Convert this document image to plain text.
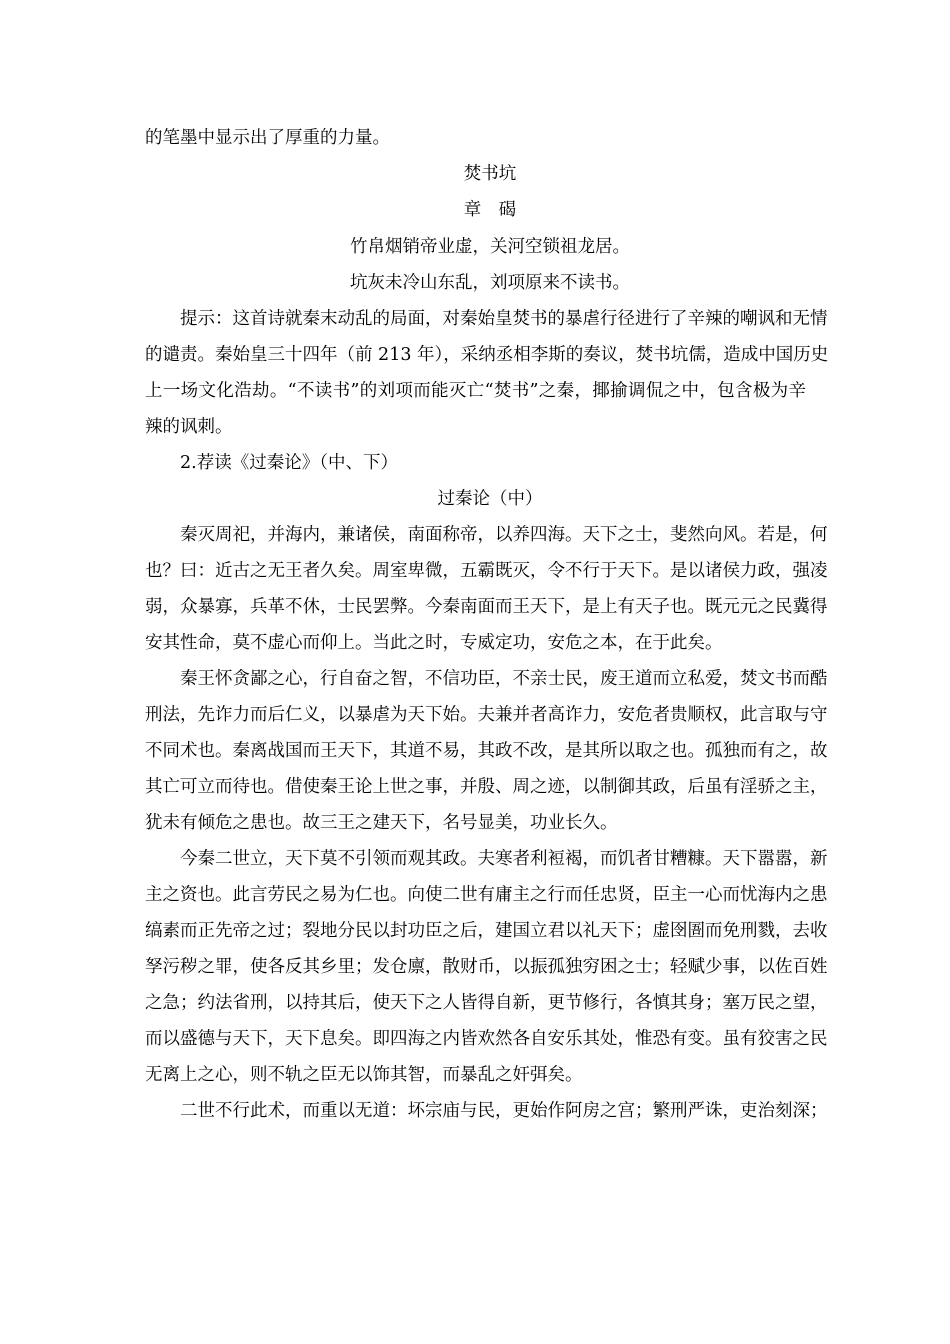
的笔墨中显示出了厚重的力量。
焚书坑
章　碣
竹帛烟销帝业虚，关河空锁祖龙居。
坑灰未冷山东乱，刘项原来不读书。
提示：这首诗就秦末动乱的局面，对秦始皇焚书的暴虐行径进行了辛辣的嘲讽和无情
的谴责。秦始皇三十四年（前 213 年），采纳丞相李斯的奏议，焚书坑儒，造成中国历史
上一场文化浩劫。“不读书”的刘项而能灭亡“焚书”之秦，揶揄调侃之中，包含极为辛
辣的讽刺。
2.荐读《过秦论》（中、下）
过秦论（中）
秦灭周祀，并海内，兼诸侯，南面称帝，以养四海。天下之士，斐然向风。若是，何
也？曰：近古之无王者久矣。周室卑微，五霸既灭，令不行于天下。是以诸侯力政，强凌
弱，众暴寡，兵革不休，士民罢弊。今秦南面而王天下，是上有天子也。既元元之民冀得
安其性命，莫不虚心而仰上。当此之时，专威定功，安危之本，在于此矣。
秦王怀贪鄙之心，行自奋之智，不信功臣，不亲士民，废王道而立私爱，焚文书而酷
刑法，先诈力而后仁义，以暴虐为天下始。夫兼并者高诈力，安危者贵顺权，此言取与守
不同术也。秦离战国而王天下，其道不易，其政不改，是其所以取之也。孤独而有之，故
其亡可立而待也。借使秦王论上世之事，并殷、周之迹，以制御其政，后虽有淫骄之主，
犹未有倾危之患也。故三王之建天下，名号显美，功业长久。
今秦二世立，天下莫不引领而观其政。夫寒者利裋褐，而饥者甘糟糠。天下嚣嚣，新
主之资也。此言劳民之易为仁也。向使二世有庸主之行而任忠贤，臣主一心而忧海内之患
缟素而正先帝之过；裂地分民以封功臣之后，建国立君以礼天下；虚囹圄而免刑戮，去收
孥污秽之罪，使各反其乡里；发仓廪，散财币，以振孤独穷困之士；轻赋少事，以佐百姓
之急；约法省刑，以持其后，使天下之人皆得自新，更节修行，各慎其身；塞万民之望，
而以盛德与天下，天下息矣。即四海之内皆欢然各自安乐其处，惟恐有变。虽有狡害之民
无离上之心，则不轨之臣无以饰其智，而暴乱之奸弭矣。
二世不行此术，而重以无道：坏宗庙与民，更始作阿房之宫；繁刑严诛，吏治刻深；
